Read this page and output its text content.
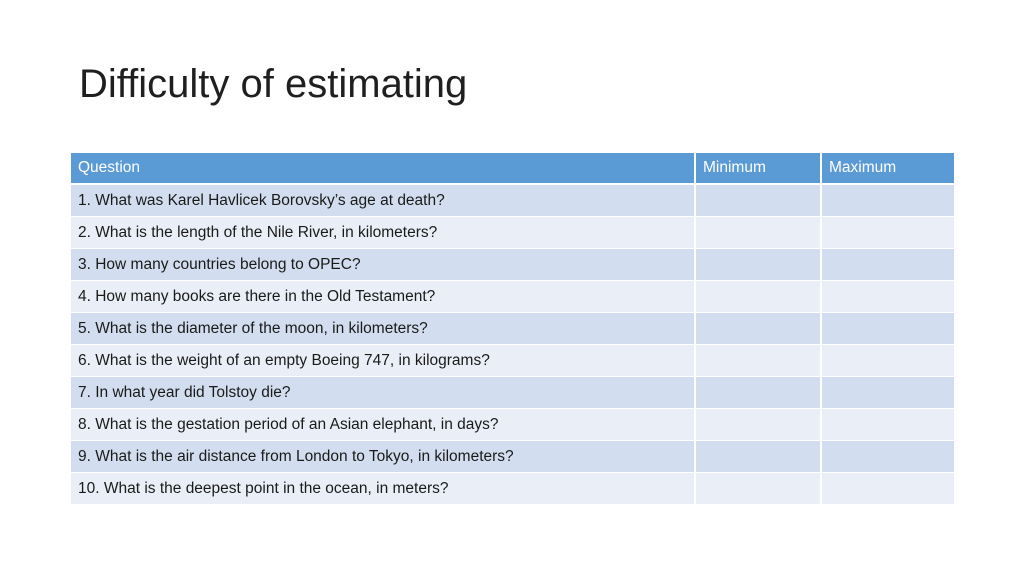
Difficulty of estimating
Question	Minimum	Maximum
1. What was Karel Havlicek Borovsky’s age at death?		
2. What is the length of the Nile River, in kilometers?		
3. How many countries belong to OPEC?		
4. How many books are there in the Old Testament?		
5. What is the diameter of the moon, in kilometers?		
6. What is the weight of an empty Boeing 747, in kilograms?		
7. In what year did Tolstoy die?		
8. What is the gestation period of an Asian elephant, in days?		
9. What is the air distance from London to Tokyo, in kilometers?		
10. What is the deepest point in the ocean, in meters?		
